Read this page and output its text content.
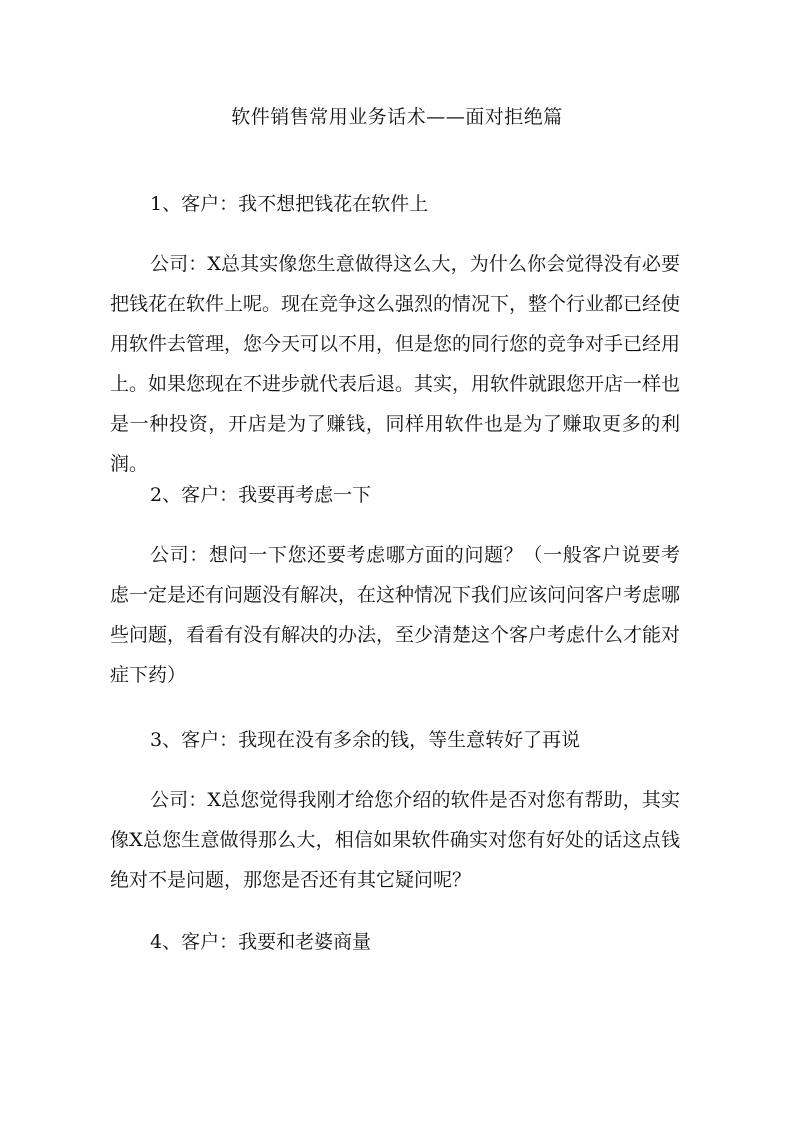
软件销售常用业务话术——面对拒绝篇

1、客户：我不想把钱花在软件上

公司：X总其实像您生意做得这么大，为什么你会觉得没有必要把钱花在软件上呢。现在竞争这么强烈的情况下，整个行业都已经使用软件去管理，您今天可以不用，但是您的同行您的竞争对手已经用上。如果您现在不进步就代表后退。其实，用软件就跟您开店一样也是一种投资，开店是为了赚钱，同样用软件也是为了赚取更多的利润。

2、客户：我要再考虑一下

公司：想问一下您还要考虑哪方面的问题？（一般客户说要考虑一定是还有问题没有解决，在这种情况下我们应该问问客户考虑哪些问题，看看有没有解决的办法，至少清楚这个客户考虑什么才能对症下药）

3、客户：我现在没有多余的钱，等生意转好了再说

公司：X总您觉得我刚才给您介绍的软件是否对您有帮助，其实像X总您生意做得那么大，相信如果软件确实对您有好处的话这点钱绝对不是问题，那您是否还有其它疑问呢？

4、客户：我要和老婆商量
